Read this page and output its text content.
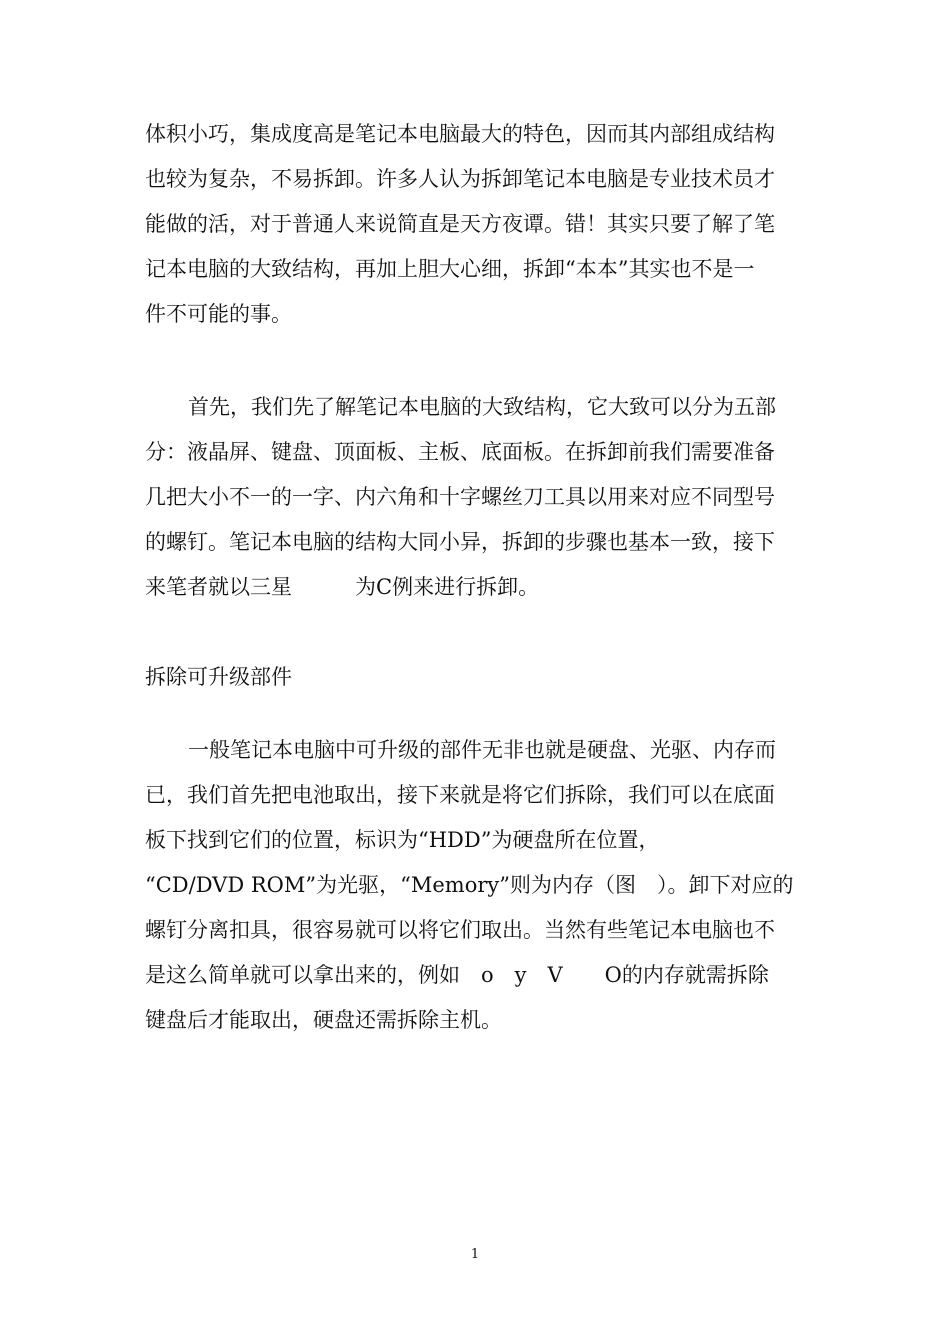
体积小巧，集成度高是笔记本电脑最大的特色，因而其内部组成结构
也较为复杂，不易拆卸。许多人认为拆卸笔记本电脑是专业技术员才
能做的活，对于普通人来说简直是天方夜谭。错！其实只要了解了笔
记本电脑的大致结构，再加上胆大心细，拆卸“本本”其实也不是一
件不可能的事。
首先，我们先了解笔记本电脑的大致结构，它大致可以分为五部
分：液晶屏、键盘、顶面板、主板、底面板。在拆卸前我们需要准备
几把大小不一的一字、内六角和十字螺丝刀工具以用来对应不同型号
的螺钉。笔记本电脑的结构大同小异，拆卸的步骤也基本一致，接下
来笔者就以三星　　　为C例来进行拆卸。
拆除可升级部件
一般笔记本电脑中可升级的部件无非也就是硬盘、光驱、内存而
已，我们首先把电池取出，接下来就是将它们拆除，我们可以在底面
板下找到它们的位置，标识为“HDD”为硬盘所在位置，
“CD/DVD ROM”为光驱，“Memory”则为内存（图　）。卸下对应的
螺钉分离扣具，很容易就可以将它们取出。当然有些笔记本电脑也不
是这么简单就可以拿出来的，例如　o　y　V　　O的内存就需拆除
键盘后才能取出，硬盘还需拆除主机。
1
